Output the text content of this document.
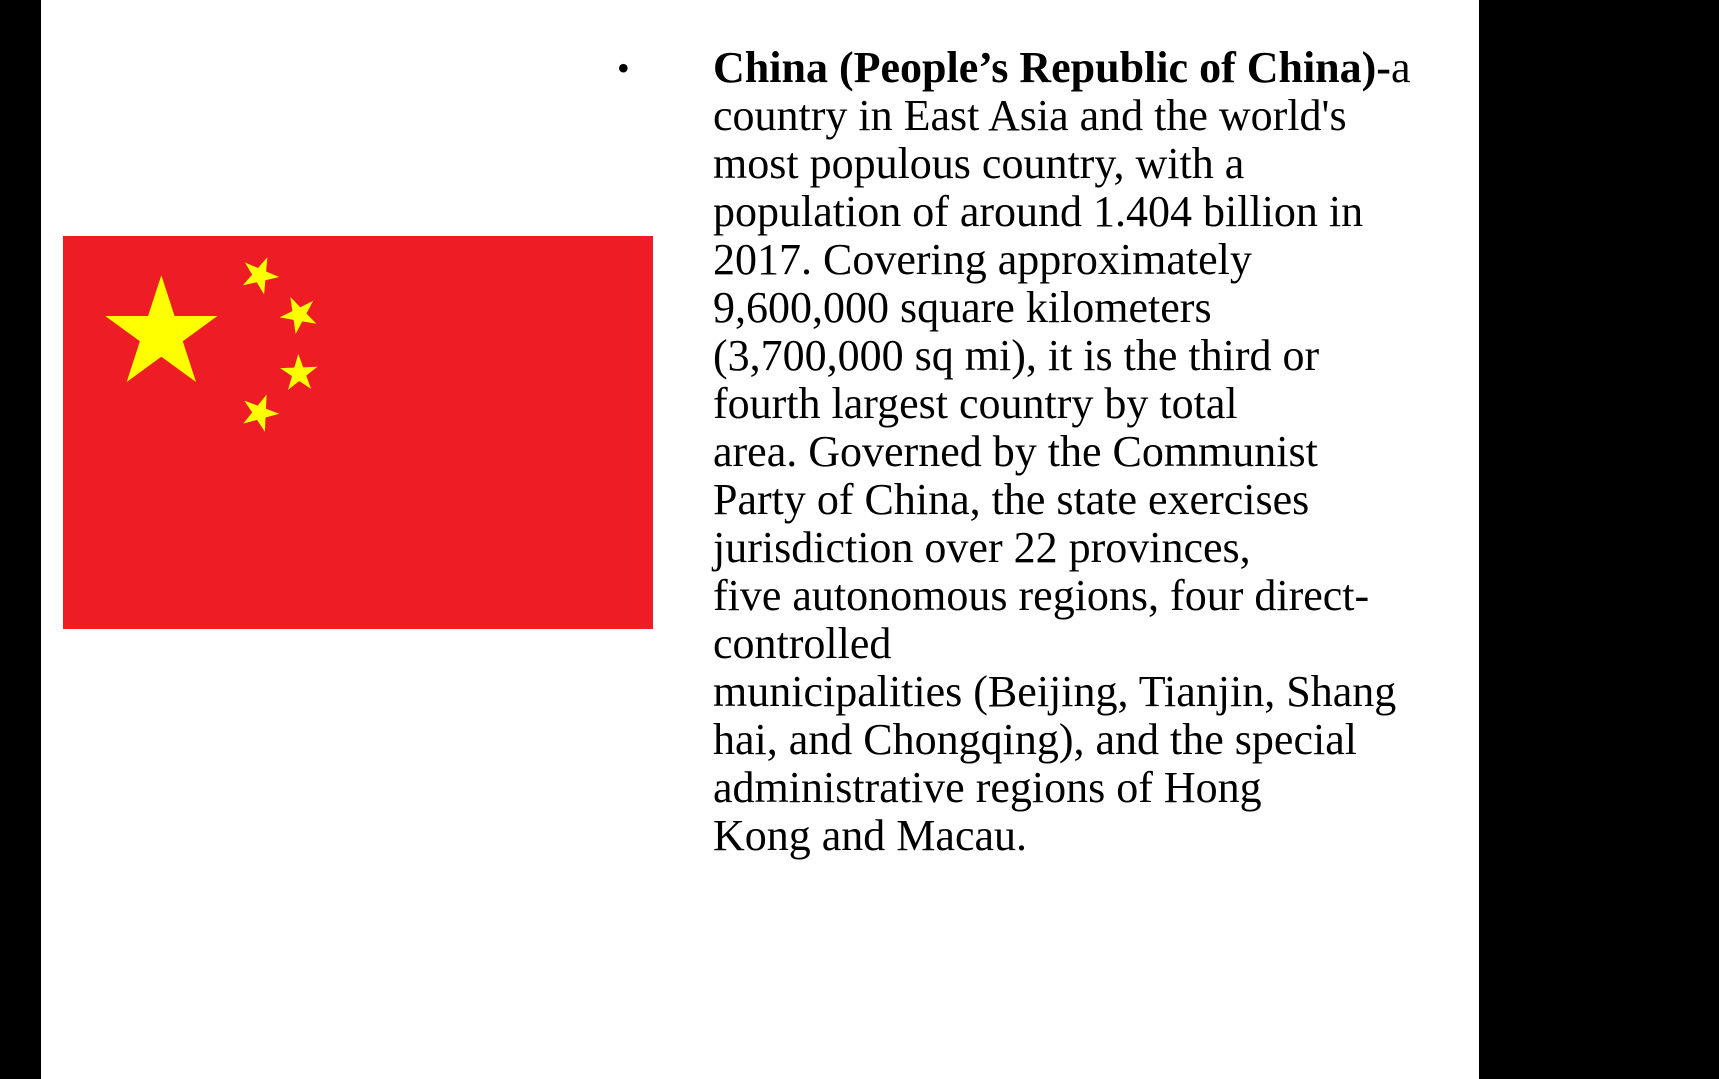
•	China (People’s Republic of China)-a
country in East Asia and the world's
most populous country, with a
population of around 1.404 billion in
2017. Covering approximately
9,600,000 square kilometers
(3,700,000 sq mi), it is the third or
fourth largest country by total
area. Governed by the Communist
Party of China, the state exercises
jurisdiction over 22 provinces,
five autonomous regions, four direct-
controlled
municipalities (Beijing, Tianjin, Shang
hai, and Chongqing), and the special
administrative regions of Hong
Kong and Macau.
